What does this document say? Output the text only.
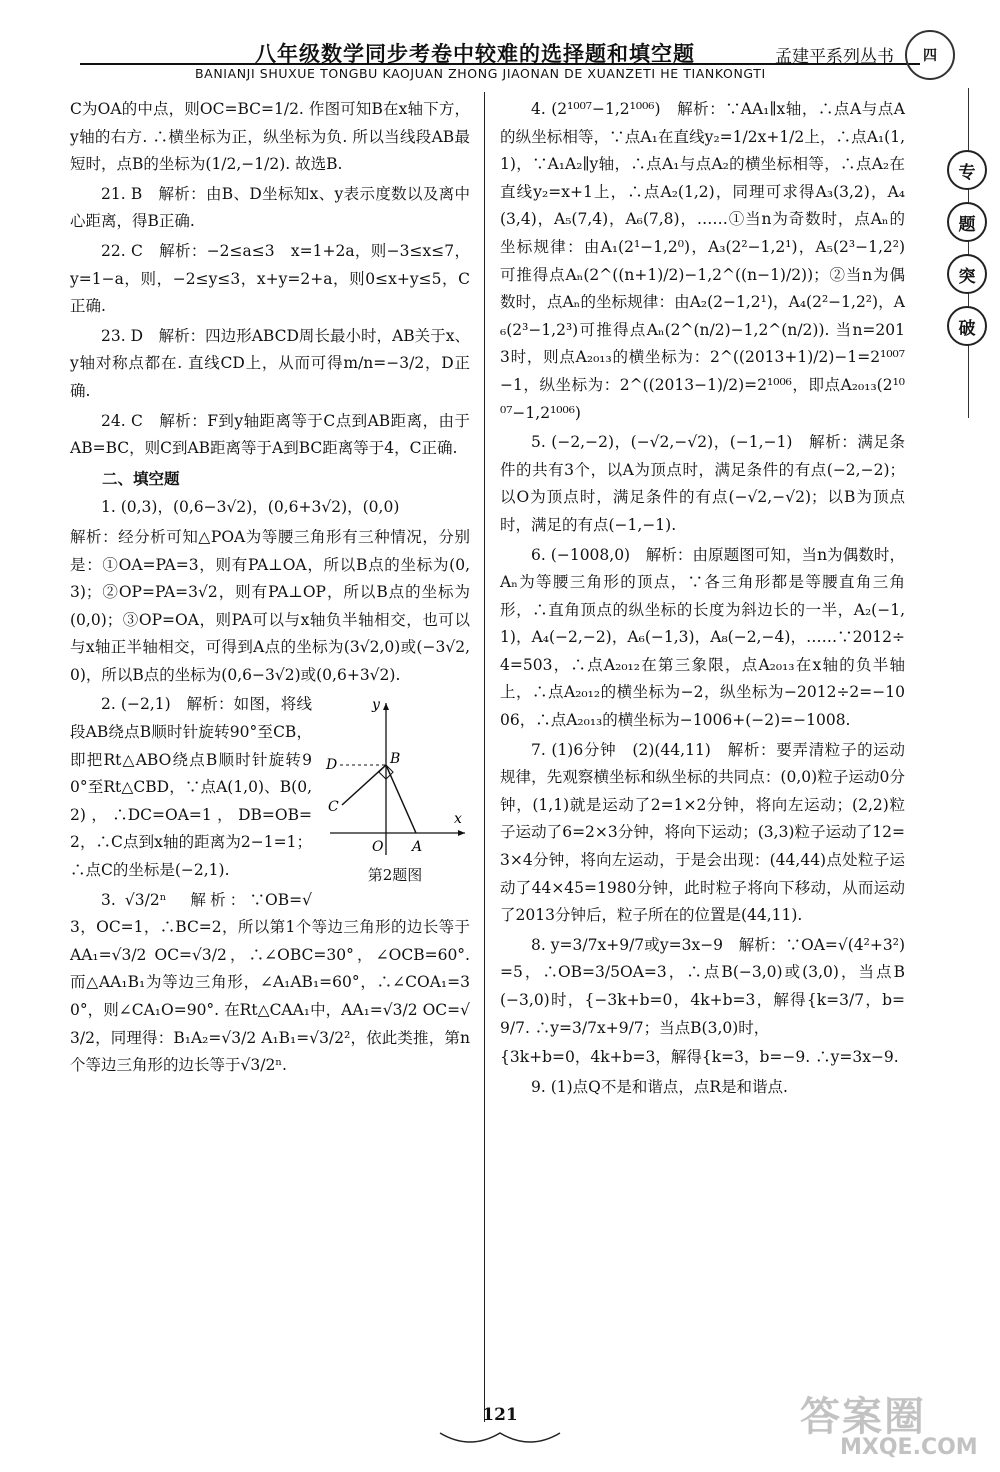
八年级数学同步考卷中较难的选择题和填空题	孟建平系列丛书
BANIANJI SHUXUE TONGBU KAOJUAN ZHONG JIAONAN DE XUANZETI HE TIANKONGTI
四
专
题
突
破

C为OA的中点，则OC=BC=1/2. 作图可知B在x轴下方，y轴的右方. ∴横坐标为正，纵坐标为负. 所以当线段AB最短时，点B的坐标为(1/2,−1/2). 故选B.

21. B　解析：由B、D坐标知x、y表示度数以及离中心距离，得B正确.

22. C　解析：−2≤a≤3　x=1+2a，则−3≤x≤7，y=1−a，则，−2≤y≤3，x+y=2+a，则0≤x+y≤5，C正确.

23. D　解析：四边形ABCD周长最小时，AB关于x、y轴对称点都在. 直线CD上，从而可得m/n=−3/2，D正确.

24. C　解析：F到y轴距离等于C点到AB距离，由于AB=BC，则C到AB距离等于A到BC距离等于4，C正确.

二、填空题

1. (0,3)，(0,6−3√2)，(0,6+3√2)，(0,0)

解析：经分析可知△POA为等腰三角形有三种情况，分别是：①OA=PA=3，则有PA⊥OA，所以B点的坐标为(0,3)；②OP=PA=3√2，则有PA⊥OP，所以B点的坐标为(0,0)；③OP=OA，则PA可以与x轴负半轴相交，也可以与x轴正半轴相交，可得到A点的坐标为(3√2,0)或(−3√2,0)，所以B点的坐标为(0,6−3√2)或(0,6+3√2).

y
x
O A
B
C
D
第2题图

2. (−2,1)　解析：如图，将线段AB绕点B顺时针旋转90°至CB，即把Rt△ABO绕点B顺时针旋转90°至Rt△CBD，∵点A(1,0)、B(0,2)，∴DC=OA=1，DB=OB=2，∴C点到x轴的距离为2−1=1；∴点C的坐标是(−2,1).

3. √3/2ⁿ　解析：∵OB=√3，OC=1，∴BC=2，所以第1个等边三角形的边长等于AA₁=√3/2 OC=√3/2，∴∠OBC=30°，∠OCB=60°. 而△AA₁B₁为等边三角形，∠A₁AB₁=60°，∴∠COA₁=30°，则∠CA₁O=90°. 在Rt△CAA₁中，AA₁=√3/2 OC=√3/2，同理得：B₁A₂=√3/2 A₁B₁=√3/2²，依此类推，第n个等边三角形的边长等于√3/2ⁿ.

4. (2¹⁰⁰⁷−1,2¹⁰⁰⁶)　解析：∵AA₁∥x轴，∴点A与点A的纵坐标相等，∵点A₁在直线y₂=1/2x+1/2上，∴点A₁(1,1)，∵A₁A₂∥y轴，∴点A₁与点A₂的横坐标相等，∴点A₂在直线y₂=x+1上，∴点A₂(1,2)，同理可求得A₃(3,2)，A₄(3,4)，A₅(7,4)，A₆(7,8)，……①当n为奇数时，点Aₙ的坐标规律：由A₁(2¹−1,2⁰)，A₃(2²−1,2¹)，A₅(2³−1,2²)可推得点Aₙ(2^((n+1)/2)−1,2^((n−1)/2))；②当n为偶数时，点Aₙ的坐标规律：由A₂(2−1,2¹)，A₄(2²−1,2²)，A₆(2³−1,2³)可推得点Aₙ(2^(n/2)−1,2^(n/2)). 当n=2013时，则点A₂₀₁₃的横坐标为：2^((2013+1)/2)−1=2¹⁰⁰⁷−1，纵坐标为：2^((2013−1)/2)=2¹⁰⁰⁶，即点A₂₀₁₃(2¹⁰⁰⁷−1,2¹⁰⁰⁶)

5. (−2,−2)，(−√2,−√2)，(−1,−1)　解析：满足条件的共有3个，以A为顶点时，满足条件的有点(−2,−2)；以O为顶点时，满足条件的有点(−√2,−√2)；以B为顶点时，满足的有点(−1,−1).

6. (−1008,0)　解析：由原题图可知，当n为偶数时，Aₙ为等腰三角形的顶点，∵各三角形都是等腰直角三角形，∴直角顶点的纵坐标的长度为斜边长的一半，A₂(−1,1)，A₄(−2,−2)，A₆(−1,3)，A₈(−2,−4)，……∵2012÷4=503，∴点A₂₀₁₂在第三象限，点A₂₀₁₃在x轴的负半轴上，∴点A₂₀₁₂的横坐标为−2，纵坐标为−2012÷2=−1006，∴点A₂₀₁₃的横坐标为−1006+(−2)=−1008.

7. (1)6分钟　(2)(44,11)　解析：要弄清粒子的运动规律，先观察横坐标和纵坐标的共同点：(0,0)粒子运动0分钟，(1,1)就是运动了2=1×2分钟，将向左运动；(2,2)粒子运动了6=2×3分钟，将向下运动；(3,3)粒子运动了12=3×4分钟，将向左运动，于是会出现：(44,44)点处粒子运动了44×45=1980分钟，此时粒子将向下移动，从而运动了2013分钟后，粒子所在的位置是(44,11).

8. y=3/7x+9/7或y=3x−9　解析：∵OA=√(4²+3²)=5，∴OB=3/5OA=3，∴点B(−3,0)或(3,0)，当点B(−3,0)时，{−3k+b=0，4k+b=3，解得{k=3/7，b=9/7. ∴y=3/7x+9/7；当点B(3,0)时，

{3k+b=0，4k+b=3，解得{k=3，b=−9. ∴y=3x−9.

9. (1)点Q不是和谐点，点R是和谐点.

121	答案圈
MXQE.COM
